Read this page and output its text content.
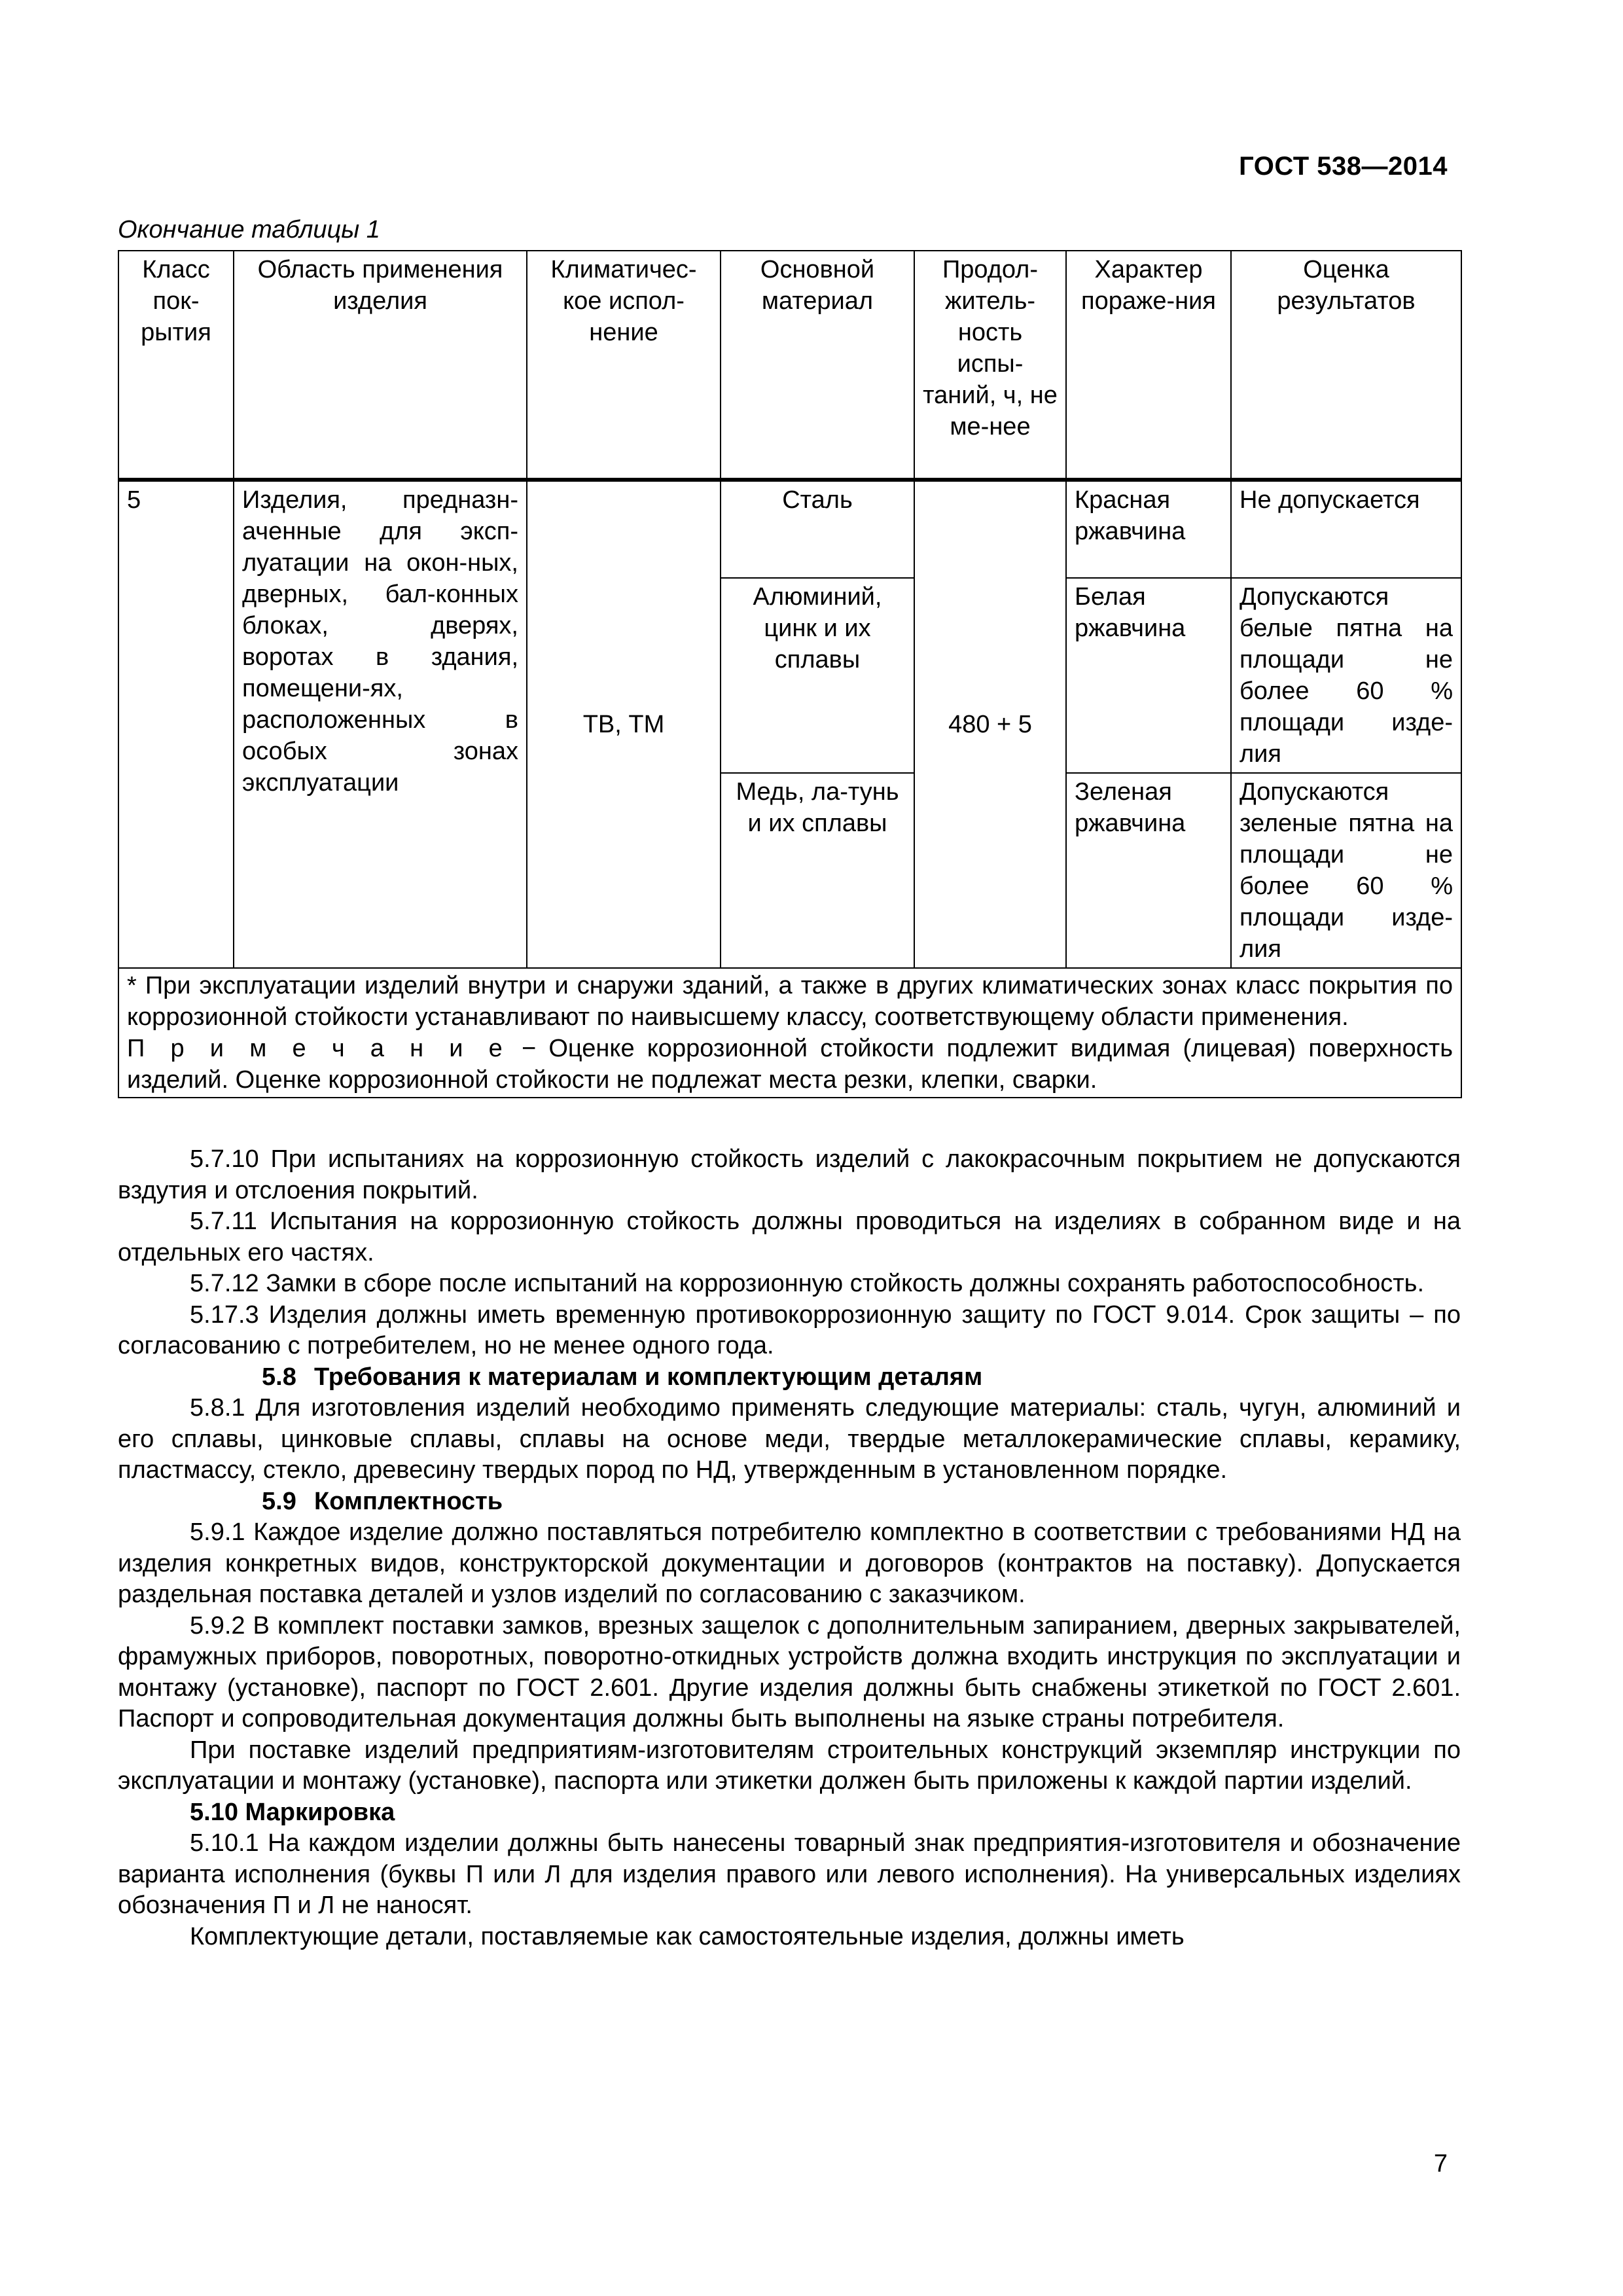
ГОСТ 538—2014
Окончание таблицы 1
Класс пок-рытия	Область применения изделия	Климатичес-кое испол-нение	Основной материал	Продол-житель-ность испы-таний, ч, не ме-нее	Характер пораже-ния	Оценка результатов
5	Изделия, предназн-аченные для эксп-луатации на окон-ных, дверных, бал-конных блоках, дверях, воротах в здания, помещени-ях, расположенных в особых зонах эксплуатации	ТВ, ТМ	Сталь	480 + 5	Красная ржавчина	Не допускается
			Алюминий, цинк и их сплавы		Белая ржавчина	Допускаются белые пятна на площади не более 60 % площади изде-лия
			Медь, ла-тунь и их сплавы		Зеленая ржавчина	Допускаются зеленые пятна на площади не более 60 % площади изде-лия

* При эксплуатации изделий внутри и снаружи зданий, а также в других климатических зонах класс покрытия по коррозионной стойкости устанавливают по наивысшему классу, соответствующему области применения.
П р и м е ч а н и е − Оценке коррозионной стойкости подлежит видимая (лицевая) поверхность изделий. Оценке коррозионной стойкости не подлежат места резки, клепки, сварки.						

5.7.10 При испытаниях на коррозионную стойкость изделий с лакокрасочным покрытием не допускаются вздутия и отслоения покрытий.

5.7.11 Испытания на коррозионную стойкость должны проводиться на изделиях в собранном виде и на отдельных его частях.

5.7.12 Замки в сборе после испытаний на коррозионную стойкость должны сохранять работоспособность.

5.17.3 Изделия должны иметь временную противокоррозионную защиту по ГОСТ 9.014. Срок защиты – по согласованию с потребителем, но не менее одного года.

5.8 Требования к материалам и комплектующим деталям

5.8.1 Для изготовления изделий необходимо применять следующие материалы: сталь, чугун, алюминий и его сплавы, цинковые сплавы, сплавы на основе меди, твердые металлокерамические сплавы, керамику, пластмассу, стекло, древесину твердых пород по НД, утвержденным в установленном порядке.

5.9 Комплектность

5.9.1 Каждое изделие должно поставляться потребителю комплектно в соответствии с требованиями НД на изделия конкретных видов, конструкторской документации и договоров (контрактов на поставку). Допускается раздельная поставка деталей и узлов изделий по согласованию с заказчиком.

5.9.2 В комплект поставки замков, врезных защелок с дополнительным запиранием, дверных закрывателей, фрамужных приборов, поворотных, поворотно-откидных устройств должна входить инструкция по эксплуатации и монтажу (установке), паспорт по ГОСТ 2.601. Другие изделия должны быть снабжены этикеткой по ГОСТ 2.601. Паспорт и сопроводительная документация должны быть выполнены на языке страны потребителя.

При поставке изделий предприятиям-изготовителям строительных конструкций экземпляр инструкции по эксплуатации и монтажу (установке), паспорта или этикетки должен быть приложены к каждой партии изделий.

5.10 Маркировка

5.10.1 На каждом изделии должны быть нанесены товарный знак предприятия-изготовителя и обозначение варианта исполнения (буквы П или Л для изделия правого или левого исполнения). На универсальных изделиях обозначения П и Л не наносят.

Комплектующие детали, поставляемые как самостоятельные изделия, должны иметь

7
